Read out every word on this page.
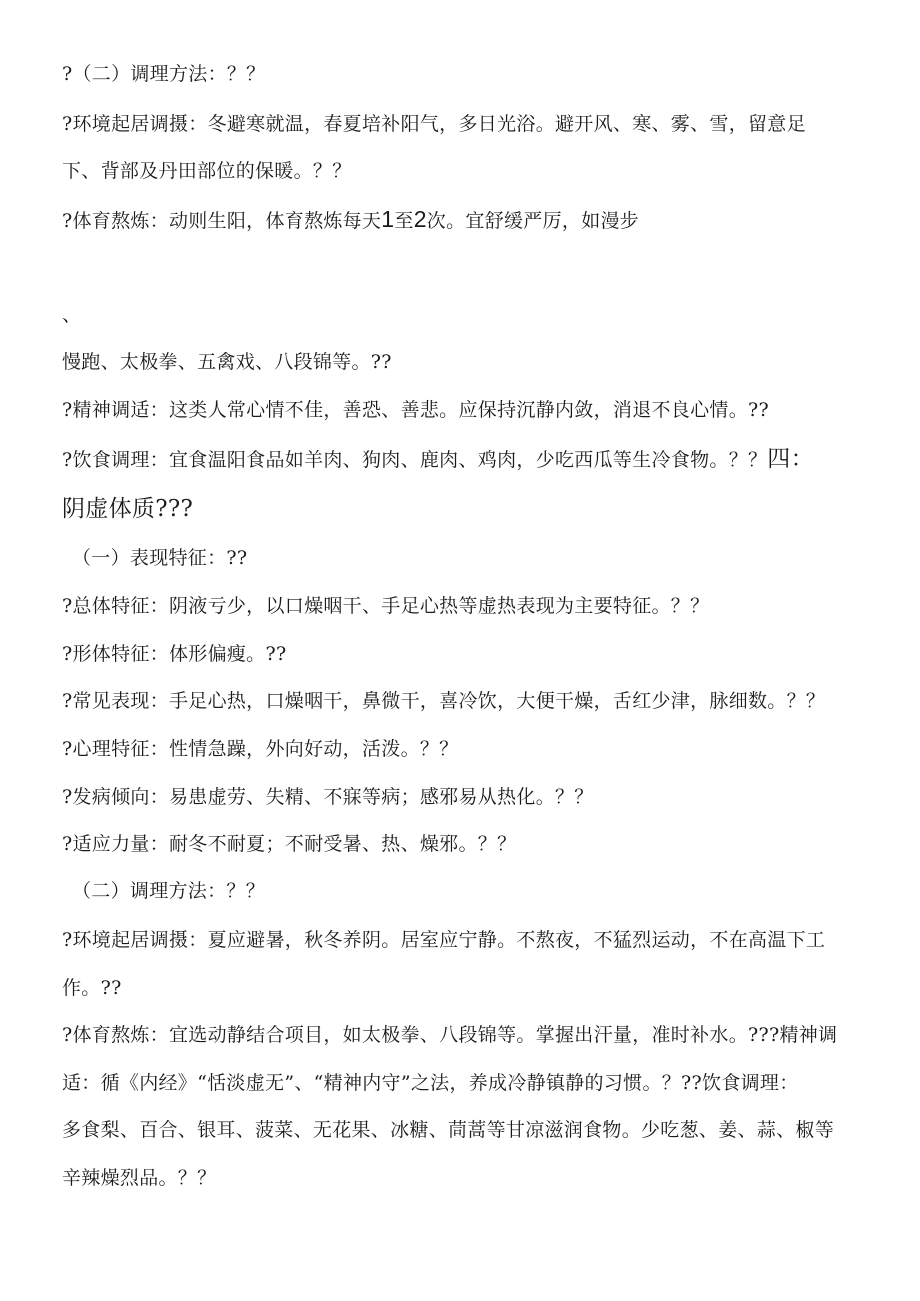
?（二）调理方法：？？
?环境起居调摄：冬避寒就温，春夏培补阳气，多日光浴。避开风、寒、雾、雪，留意足
下、背部及丹田部位的保暖。？？
?体育熬炼：动则生阳，体育熬炼每天1至2次。宜舒缓严厉，如漫步
、
慢跑、太极拳、五禽戏、八段锦等。??
?精神调适：这类人常心情不佳，善恐、善悲。应保持沉静内敛，消退不良心情。??
?饮食调理：宜食温阳食品如羊肉、狗肉、鹿肉、鸡肉，少吃西瓜等生冷食物。？？四：
阴虚体质???
（一）表现特征：??
?总体特征：阴液亏少，以口燥咽干、手足心热等虚热表现为主要特征。？？
?形体特征：体形偏瘦。??
?常见表现：手足心热，口燥咽干，鼻微干，喜冷饮，大便干燥，舌红少津，脉细数。？？
?心理特征：性情急躁，外向好动，活泼。？？
?发病倾向：易患虚劳、失精、不寐等病；感邪易从热化。？？
?适应力量：耐冬不耐夏；不耐受暑、热、燥邪。？？
（二）调理方法：？？
?环境起居调摄：夏应避暑，秋冬养阴。居室应宁静。不熬夜，不猛烈运动，不在高温下工
作。??
?体育熬炼：宜选动静结合项目，如太极拳、八段锦等。掌握出汗量，准时补水。???精神调
适：循《内经》“恬淡虚无”、“精神内守”之法，养成冷静镇静的习惯。？??饮食调理：
多食梨、百合、银耳、菠菜、无花果、冰糖、茼蒿等甘凉滋润食物。少吃葱、姜、蒜、椒等
辛辣燥烈品。？？
